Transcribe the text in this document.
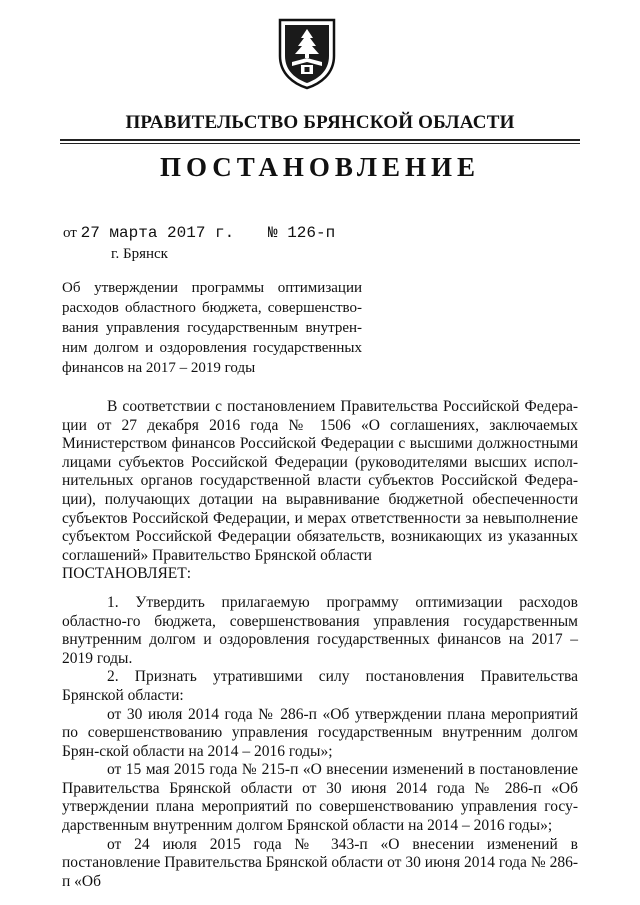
ПРАВИТЕЛЬСТВО БРЯНСКОЙ ОБЛАСТИ
ПОСТАНОВЛЕНИЕ
от 27 марта 2017 г. № 126-п
г. Брянск
Об утверждении программы оптимизации расходов областного бюджета, совершенство-вания управления государственным внутрен-ним долгом и оздоровления государственных финансов на 2017 – 2019 годы

В соответствии с постановлением Правительства Российской Федера-ции от 27 декабря 2016 года № 1506 «О соглашениях, заключаемых Министерством финансов Российской Федерации с высшими должностными лицами субъектов Российской Федерации (руководителями высших испол-нительных органов государственной власти субъектов Российской Федера-ции), получающих дотации на выравнивание бюджетной обеспеченности субъектов Российской Федерации, и мерах ответственности за невыполнение субъектом Российской Федерации обязательств, возникающих из указанных соглашений» Правительство Брянской области

ПОСТАНОВЛЯЕТ:

1. Утвердить прилагаемую программу оптимизации расходов областно-го бюджета, совершенствования управления государственным внутренним долгом и оздоровления государственных финансов на 2017 – 2019 годы.

2. Признать утратившими силу постановления Правительства Брянской области:

от 30 июля 2014 года № 286-п «Об утверждении плана мероприятий по совершенствованию управления государственным внутренним долгом Брян-ской области на 2014 – 2016 годы»;

от 15 мая 2015 года № 215-п «О внесении изменений в постановление Правительства Брянской области от 30 июня 2014 года № 286-п «Об утверждении плана мероприятий по совершенствованию управления госу-дарственным внутренним долгом Брянской области на 2014 – 2016 годы»;

от 24 июля 2015 года № 343-п «О внесении изменений в постановление Правительства Брянской области от 30 июня 2014 года № 286-п «Об
